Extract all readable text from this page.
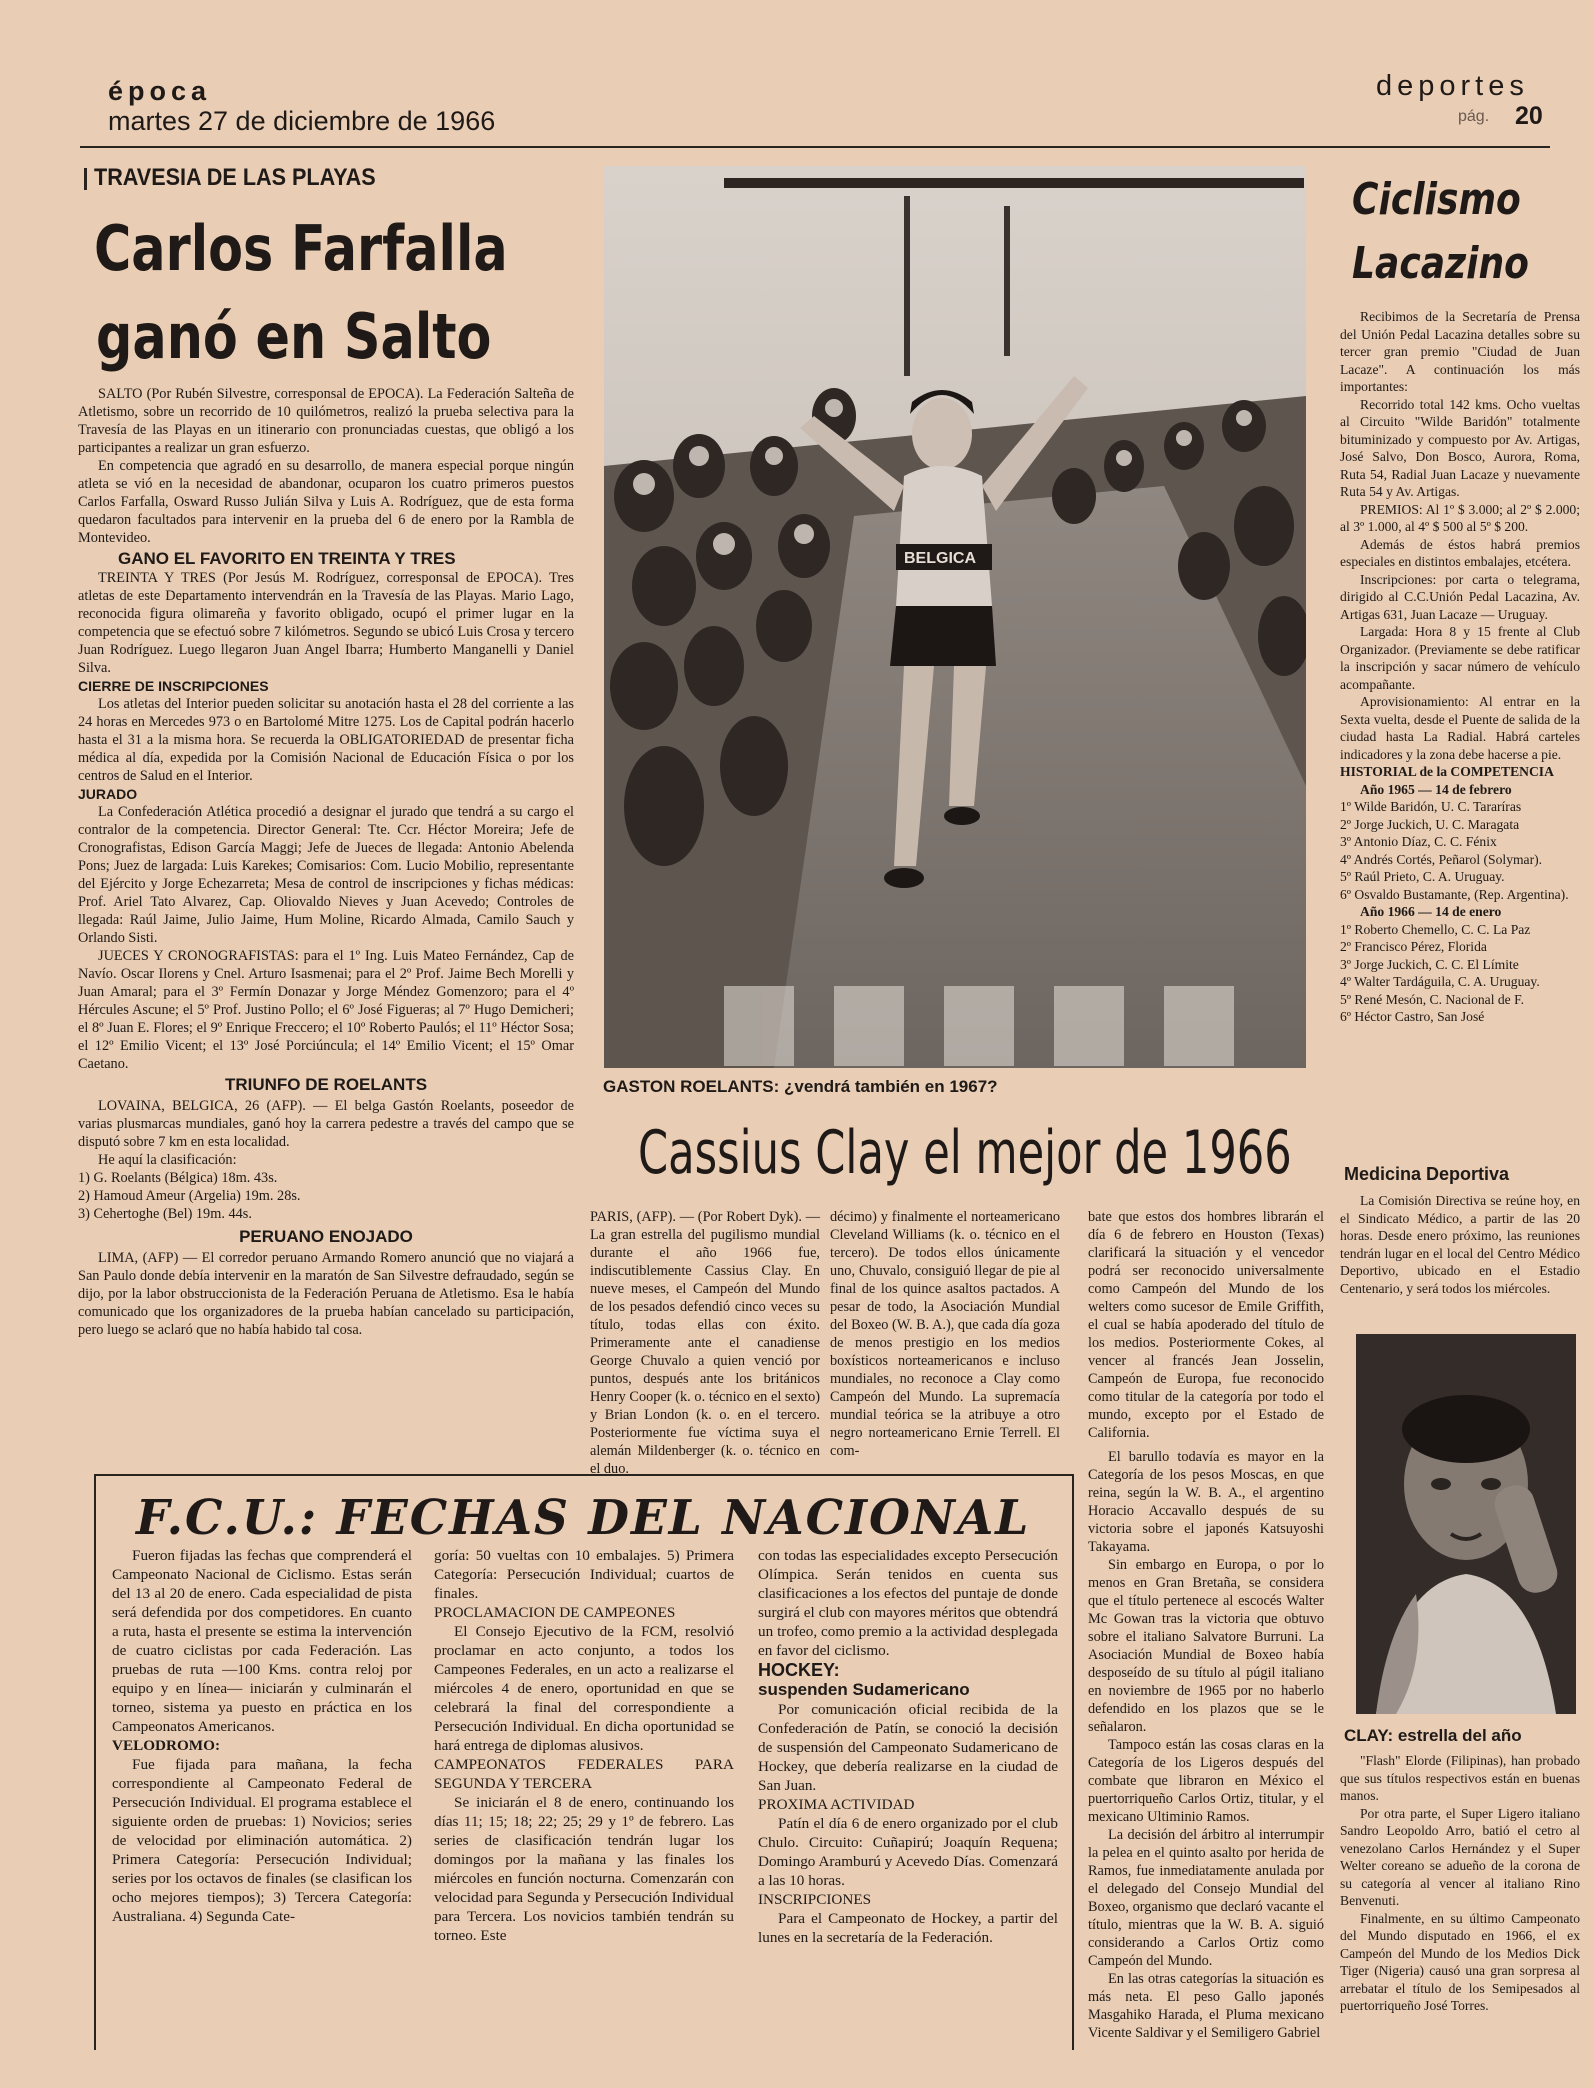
época
martes 27 de diciembre de 1966
deportes
pág. 20
TRAVESIA DE LAS PLAYAS
Carlos Farfalla
ganó en Salto

SALTO (Por Rubén Silvestre, corresponsal de EPOCA). La Federación Salteña de Atletismo, sobre un recorrido de 10 quilómetros, realizó la prueba selectiva para la Travesía de las Playas en un itinerario con pronunciadas cuestas, que obligó a los participantes a realizar un gran esfuerzo.

En competencia que agradó en su desarrollo, de manera especial porque ningún atleta se vió en la necesidad de abandonar, ocuparon los cuatro primeros puestos Carlos Farfalla, Osward Russo Julián Silva y Luis A. Rodríguez, que de esta forma quedaron facultados para intervenir en la prueba del 6 de enero por la Rambla de Montevideo.

GANO EL FAVORITO EN TREINTA Y TRES

TREINTA Y TRES (Por Jesús M. Rodríguez, corresponsal de EPOCA). Tres atletas de este Departamento intervendrán en la Travesía de las Playas. Mario Lago, reconocida figura olimareña y favorito obligado, ocupó el primer lugar en la competencia que se efectuó sobre 7 kilómetros. Segundo se ubicó Luis Crosa y tercero Juan Rodríguez. Luego llegaron Juan Angel Ibarra; Humberto Manganelli y Daniel Silva.

CIERRE DE INSCRIPCIONES

Los atletas del Interior pueden solicitar su anotación hasta el 28 del corriente a las 24 horas en Mercedes 973 o en Bartolomé Mitre 1275. Los de Capital podrán hacerlo hasta el 31 a la misma hora. Se recuerda la OBLIGATORIEDAD de presentar ficha médica al día, expedida por la Comisión Nacional de Educación Física o por los centros de Salud en el Interior.

JURADO

La Confederación Atlética procedió a designar el jurado que tendrá a su cargo el contralor de la competencia. Director General: Tte. Ccr. Héctor Moreira; Jefe de Cronografistas, Edison García Maggi; Jefe de Jueces de llegada: Antonio Abelenda Pons; Juez de largada: Luis Karekes; Comisarios: Com. Lucio Mobilio, representante del Ejército y Jorge Echezarreta; Mesa de control de inscripciones y fichas médicas: Prof. Ariel Tato Alvarez, Cap. Oliovaldo Nieves y Juan Acevedo; Controles de llegada: Raúl Jaime, Julio Jaime, Hum Moline, Ricardo Almada, Camilo Sauch y Orlando Sisti.

JUECES Y CRONOGRAFISTAS: para el 1º Ing. Luis Mateo Fernández, Cap de Navío. Oscar Ilorens y Cnel. Arturo Isasmenai; para el 2º Prof. Jaime Bech Morelli y Juan Amaral; para el 3º Fermín Donazar y Jorge Méndez Gomenzoro; para el 4º Hércules Ascune; el 5º Prof. Justino Pollo; el 6º José Figueras; al 7º Hugo Demicheri; el 8º Juan E. Flores; el 9º Enrique Freccero; el 10º Roberto Paulós; el 11º Héctor Sosa; el 12º Emilio Vicent; el 13º José Porciúncula; el 14º Emilio Vicent; el 15º Omar Caetano.

TRIUNFO DE ROELANTS

LOVAINA, BELGICA, 26 (AFP). — El belga Gastón Roelants, poseedor de varias plusmarcas mundiales, ganó hoy la carrera pedestre a través del campo que se disputó sobre 7 km en esta localidad.

He aquí la clasificación:

1) G. Roelants (Bélgica) 18m. 43s.
2) Hamoud Ameur (Argelia) 19m. 28s.
3) Cehertoghe (Bel) 19m. 44s.
PERUANO ENOJADO

LIMA, (AFP) — El corredor peruano Armando Romero anunció que no viajará a San Paulo donde debía intervenir en la maratón de San Silvestre defraudado, según se dijo, por la labor obstruccionista de la Federación Peruana de Atletismo. Esa le había comunicado que los organizadores de la prueba habían cancelado su participación, pero luego se aclaró que no había habido tal cosa.

BELGICA
GASTON ROELANTS: ¿vendrá también en 1967?
Cassius Clay el mejor de 1966

PARIS, (AFP). — (Por Robert Dyk). — La gran estrella del pugilismo mundial durante el año 1966 fue, indiscutiblemente Cassius Clay. En nueve meses, el Campeón del Mundo de los pesados defendió cinco veces su título, todas ellas con éxito. Primeramente ante el canadiense George Chuvalo a quien venció por puntos, después ante los británicos Henry Cooper (k. o. técnico en el sexto) y Brian London (k. o. en el tercero. Posteriormente fue víctima suya el alemán Mildenberger (k. o. técnico en el duo.

décimo) y finalmente el norteamericano Cleveland Williams (k. o. técnico en el tercero). De todos ellos únicamente uno, Chuvalo, consiguió llegar de pie al final de los quince asaltos pactados. A pesar de todo, la Asociación Mundial del Boxeo (W. B. A.), que cada día goza de menos prestigio en los medios boxísticos norteamericanos e incluso mundiales, no reconoce a Clay como Campeón del Mundo. La supremacía mundial teórica se la atribuye a otro negro norteamericano Ernie Terrell. El com-

bate que estos dos hombres librarán el día 6 de febrero en Houston (Texas) clarificará la situación y el vencedor podrá ser reconocido universalmente como Campeón del Mundo de los welters como sucesor de Emile Griffith, el cual se había apoderado del título de los medios. Posteriormente Cokes, al vencer al francés Jean Josselin, Campeón de Europa, fue reconocido como titular de la categoría por todo el mundo, excepto por el Estado de California.

El barullo todavía es mayor en la Categoría de los pesos Moscas, en que reina, según la W. B. A., el argentino Horacio Accavallo después de su victoria sobre el japonés Katsuyoshi Takayama.

Sin embargo en Europa, o por lo menos en Gran Bretaña, se considera que el título pertenece al escocés Walter Mc Gowan tras la victoria que obtuvo sobre el italiano Salvatore Burruni. La Asociación Mundial de Boxeo había desposeído de su título al púgil italiano en noviembre de 1965 por no haberlo defendido en los plazos que se le señalaron.

Tampoco están las cosas claras en la Categoría de los Ligeros después del combate que libraron en México el puertorriqueño Carlos Ortiz, titular, y el mexicano Ultiminio Ramos.

La decisión del árbitro al interrumpir la pelea en el quinto asalto por herida de Ramos, fue inmediatamente anulada por el delegado del Consejo Mundial del Boxeo, organismo que declaró vacante el título, mientras que la W. B. A. siguió considerando a Carlos Ortiz como Campeón del Mundo.

En las otras categorías la situación es más neta. El peso Gallo japonés Masgahiko Harada, el Pluma mexicano Vicente Saldivar y el Semiligero Gabriel

Ciclismo
Lacazino

Recibimos de la Secretaría de Prensa del Unión Pedal Lacazina detalles sobre su tercer gran premio "Ciudad de Juan Lacaze". A continuación los más importantes:

Recorrido total 142 kms. Ocho vueltas al Circuito "Wilde Baridón" totalmente bituminizado y compuesto por Av. Artigas, José Salvo, Don Bosco, Aurora, Roma, Ruta 54, Radial Juan Lacaze y nuevamente Ruta 54 y Av. Artigas.

PREMIOS: Al 1º $ 3.000; al 2º $ 2.000; al 3º 1.000, al 4º $ 500 al 5º $ 200.

Además de éstos habrá premios especiales en distintos embalajes, etcétera.

Inscripciones: por carta o telegrama, dirigido al C.C.Unión Pedal Lacazina, Av. Artigas 631, Juan Lacaze — Uruguay.

Largada: Hora 8 y 15 frente al Club Organizador. (Previamente se debe ratificar la inscripción y sacar número de vehículo acompañante.

Aprovisionamiento: Al entrar en la Sexta vuelta, desde el Puente de salida de la ciudad hasta La Radial. Habrá carteles indicadores y la zona debe hacerse a pie.

HISTORIAL de la COMPETENCIA
Año 1965 — 14 de febrero
1º Wilde Baridón, U. C. Tararíras
2º Jorge Juckich, U. C. Maragata
3º Antonio Díaz, C. C. Fénix
4º Andrés Cortés, Peñarol (Solymar).
5º Raúl Prieto, C. A. Uruguay.
6º Osvaldo Bustamante, (Rep. Argentina).
Año 1966 — 14 de enero
1º Roberto Chemello, C. C. La Paz
2º Francisco Pérez, Florida
3º Jorge Juckich, C. C. El Límite
4º Walter Tardáguila, C. A. Uruguay.
5º René Mesón, C. Nacional de F.
6º Héctor Castro, San José
Medicina Deportiva

La Comisión Directiva se reúne hoy, en el Sindicato Médico, a partir de las 20 horas. Desde enero próximo, las reuniones tendrán lugar en el local del Centro Médico Deportivo, ubicado en el Estadio Centenario, y será todos los miércoles.

CLAY: estrella del año

"Flash" Elorde (Filipinas), han probado que sus títulos respectivos están en buenas manos.

Por otra parte, el Super Ligero italiano Sandro Leopoldo Arro, batió el cetro al venezolano Carlos Hernández y el Super Welter coreano se adueño de la corona de su categoría al vencer al italiano Rino Benvenuti.

Finalmente, en su último Campeonato del Mundo disputado en 1966, el ex Campeón del Mundo de los Medios Dick Tiger (Nigeria) causó una gran sorpresa al arrebatar el título de los Semipesados al puertorriqueño José Torres.

F.C.U.: FECHAS DEL NACIONAL

Fueron fijadas las fechas que comprenderá el Campeonato Nacional de Ciclismo. Estas serán del 13 al 20 de enero. Cada especialidad de pista será defendida por dos competidores. En cuanto a ruta, hasta el presente se estima la intervención de cuatro ciclistas por cada Federación. Las pruebas de ruta —100 Kms. contra reloj por equipo y en línea— iniciarán y culminarán el torneo, sistema ya puesto en práctica en los Campeonatos Americanos.

VELODROMO:

Fue fijada para mañana, la fecha correspondiente al Campeonato Federal de Persecución Individual. El programa establece el siguiente orden de pruebas: 1) Novicios; series de velocidad por eliminación automática. 2) Primera Categoría: Persecución Individual; series por los octavos de finales (se clasifican los ocho mejores tiempos); 3) Tercera Categoría: Australiana. 4) Segunda Cate-

goría: 50 vueltas con 10 embalajes. 5) Primera Categoría: Persecución Individual; cuartos de finales.

PROCLAMACION DE CAMPEONES

El Consejo Ejecutivo de la FCM, resolvió proclamar en acto conjunto, a todos los Campeones Federales, en un acto a realizarse el miércoles 4 de enero, oportunidad en que se celebrará la final del correspondiente a Persecución Individual. En dicha oportunidad se hará entrega de diplomas alusivos.

CAMPEONATOS FEDERALES PARA SEGUNDA Y TERCERA

Se iniciarán el 8 de enero, continuando los días 11; 15; 18; 22; 25; 29 y 1º de febrero. Las series de clasificación tendrán lugar los domingos por la mañana y las finales los miércoles en función nocturna. Comenzarán con velocidad para Segunda y Persecución Individual para Tercera. Los novicios también tendrán su torneo. Este

con todas las especialidades excepto Persecución Olímpica. Serán tenidos en cuenta sus clasificaciones a los efectos del puntaje de donde surgirá el club con mayores méritos que obtendrá un trofeo, como premio a la actividad desplegada en favor del ciclismo.

HOCKEY:
suspenden Sudamericano

Por comunicación oficial recibida de la Confederación de Patín, se conoció la decisión de suspensión del Campeonato Sudamericano de Hockey, que debería realizarse en la ciudad de San Juan.

PROXIMA ACTIVIDAD

Patín el día 6 de enero organizado por el club Chulo. Circuito: Cuñapirú; Joaquín Requena; Domingo Aramburú y Acevedo Días. Comenzará a las 10 horas.

INSCRIPCIONES

Para el Campeonato de Hockey, a partir del lunes en la secretaría de la Federación.
